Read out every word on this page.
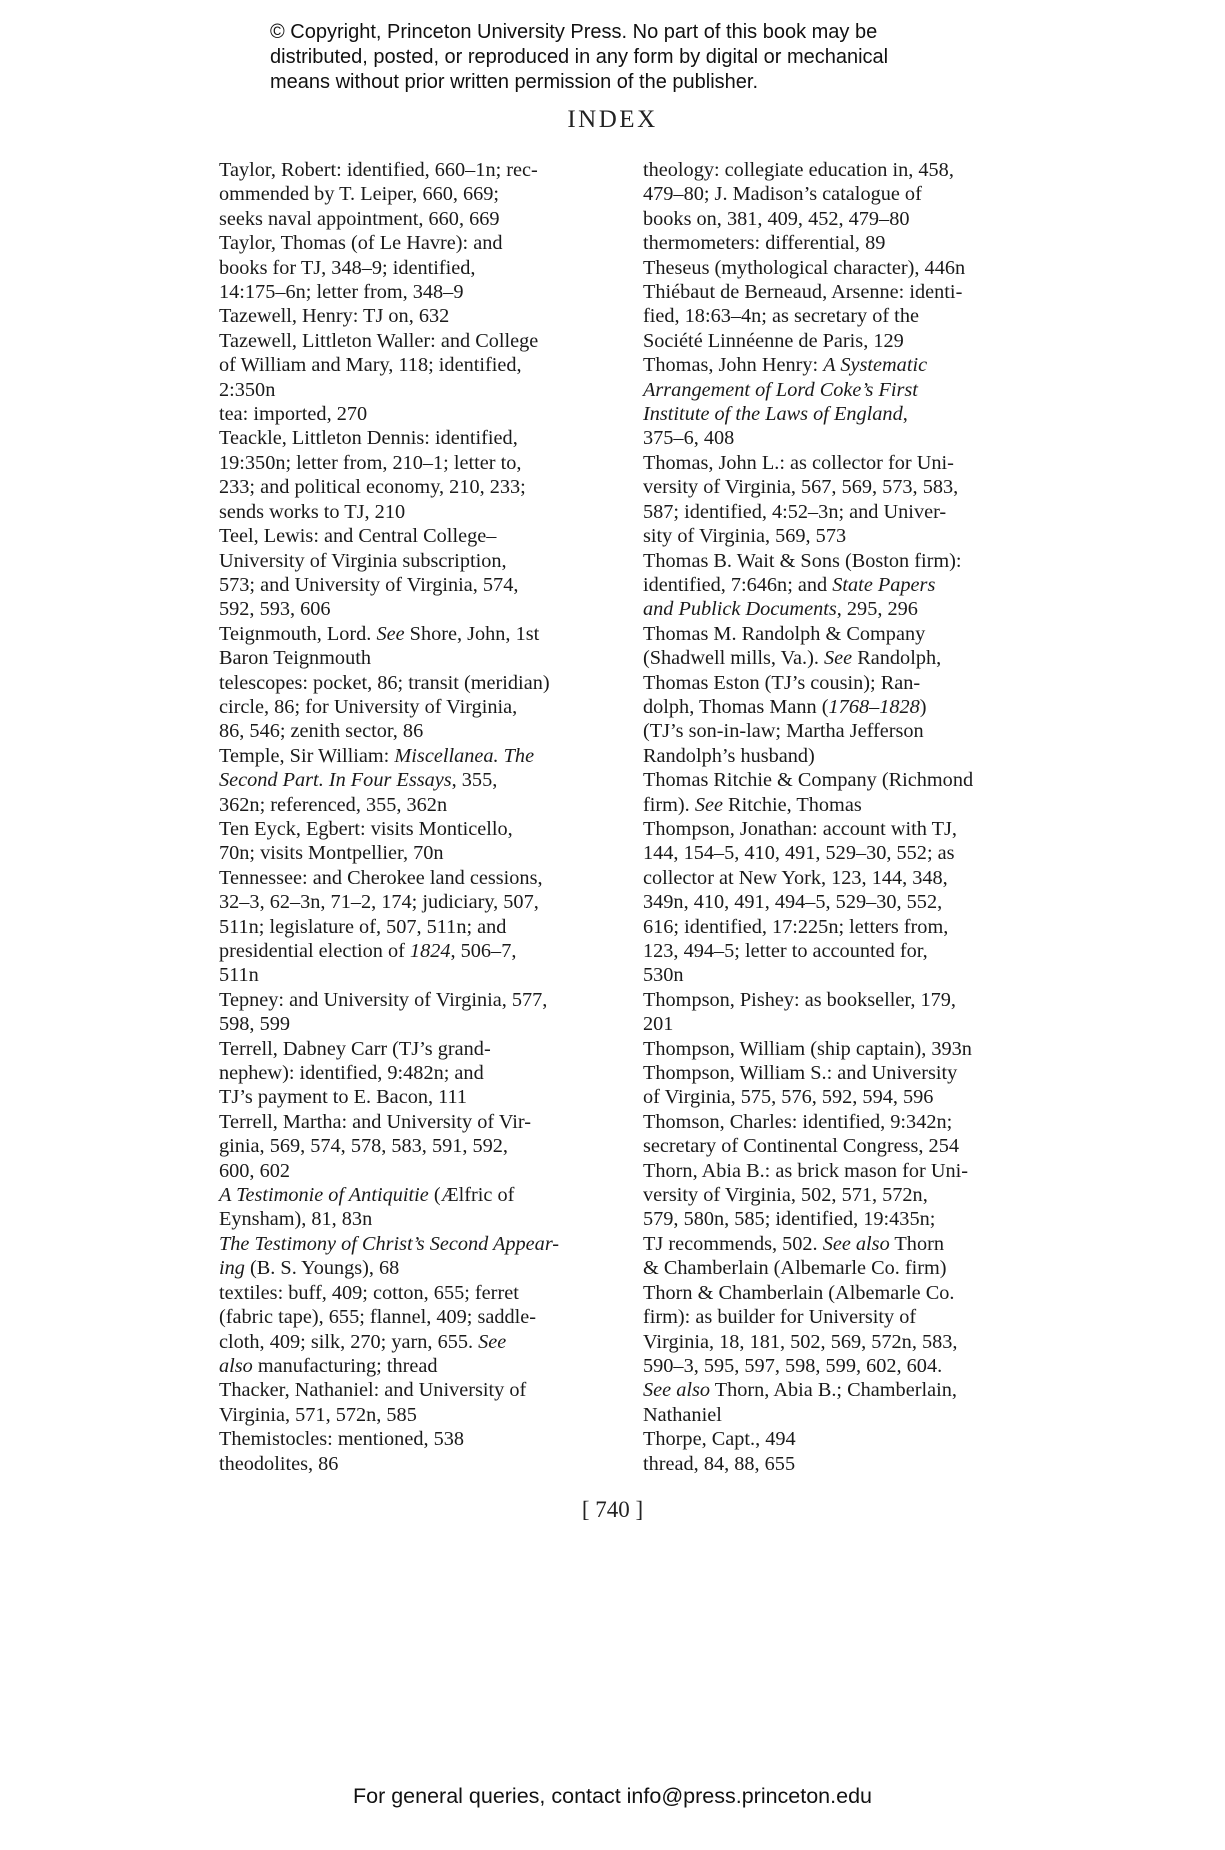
© Copyright, Princeton University Press. No part of this book may be
distributed, posted, or reproduced in any form by digital or mechanical
means without prior written permission of the publisher.
INDEX
Taylor, Robert: identified, 660–1n; rec-
ommended by T. Leiper, 660, 669;
seeks naval appointment, 660, 669
Taylor, Thomas (of Le Havre): and
books for TJ, 348–9; identified,
14:175–6n; letter from, 348–9
Tazewell, Henry: TJ on, 632
Tazewell, Littleton Waller: and College
of William and Mary, 118; identified,
2:350n
tea: imported, 270
Teackle, Littleton Dennis: identified,
19:350n; letter from, 210–1; letter to,
233; and political economy, 210, 233;
sends works to TJ, 210
Teel, Lewis: and Central College–
University of Virginia subscription,
573; and University of Virginia, 574,
592, 593, 606
Teignmouth, Lord. See Shore, John, 1st
Baron Teignmouth
telescopes: pocket, 86; transit (meridian)
circle, 86; for University of Virginia,
86, 546; zenith sector, 86
Temple, Sir William: Miscellanea. The
Second Part. In Four Essays, 355,
362n; referenced, 355, 362n
Ten Eyck, Egbert: visits Monticello,
70n; visits Montpellier, 70n
Tennessee: and Cherokee land cessions,
32–3, 62–3n, 71–2, 174; judiciary, 507,
511n; legislature of, 507, 511n; and
presidential election of 1824, 506–7,
511n
Tepney: and University of Virginia, 577,
598, 599
Terrell, Dabney Carr (TJ’s grand-
nephew): identified, 9:482n; and
TJ’s payment to E. Bacon, 111
Terrell, Martha: and University of Vir-
ginia, 569, 574, 578, 583, 591, 592,
600, 602
A Testimonie of Antiquitie (Ælfric of
Eynsham), 81, 83n
The Testimony of Christ’s Second Appear-
ing (B. S. Youngs), 68
textiles: buff, 409; cotton, 655; ferret
(fabric tape), 655; flannel, 409; saddle-
cloth, 409; silk, 270; yarn, 655. See
also manufacturing; thread
Thacker, Nathaniel: and University of
Virginia, 571, 572n, 585
Themistocles: mentioned, 538
theodolites, 86
theology: collegiate education in, 458,
479–80; J. Madison’s catalogue of
books on, 381, 409, 452, 479–80
thermometers: differential, 89
Theseus (mythological character), 446n
Thiébaut de Berneaud, Arsenne: identi-
fied, 18:63–4n; as secretary of the
Société Linnéenne de Paris, 129
Thomas, John Henry: A Systematic
Arrangement of Lord Coke’s First
Institute of the Laws of England,
375–6, 408
Thomas, John L.: as collector for Uni-
versity of Virginia, 567, 569, 573, 583,
587; identified, 4:52–3n; and Univer-
sity of Virginia, 569, 573
Thomas B. Wait & Sons (Boston firm):
identified, 7:646n; and State Papers
and Publick Documents, 295, 296
Thomas M. Randolph & Company
(Shadwell mills, Va.). See Randolph,
Thomas Eston (TJ’s cousin); Ran-
dolph, Thomas Mann (1768–1828)
(TJ’s son-in-law; Martha Jefferson
Randolph’s husband)
Thomas Ritchie & Company (Richmond
firm). See Ritchie, Thomas
Thompson, Jonathan: account with TJ,
144, 154–5, 410, 491, 529–30, 552; as
collector at New York, 123, 144, 348,
349n, 410, 491, 494–5, 529–30, 552,
616; identified, 17:225n; letters from,
123, 494–5; letter to accounted for,
530n
Thompson, Pishey: as bookseller, 179,
201
Thompson, William (ship captain), 393n
Thompson, William S.: and University
of Virginia, 575, 576, 592, 594, 596
Thomson, Charles: identified, 9:342n;
secretary of Continental Congress, 254
Thorn, Abia B.: as brick mason for Uni-
versity of Virginia, 502, 571, 572n,
579, 580n, 585; identified, 19:435n;
TJ recommends, 502. See also Thorn
& Chamberlain (Albemarle Co. firm)
Thorn & Chamberlain (Albemarle Co.
firm): as builder for University of
Virginia, 18, 181, 502, 569, 572n, 583,
590–3, 595, 597, 598, 599, 602, 604.
See also Thorn, Abia B.; Chamberlain,
Nathaniel
Thorpe, Capt., 494
thread, 84, 88, 655
[ 740 ]
For general queries, contact info@press.princeton.edu
